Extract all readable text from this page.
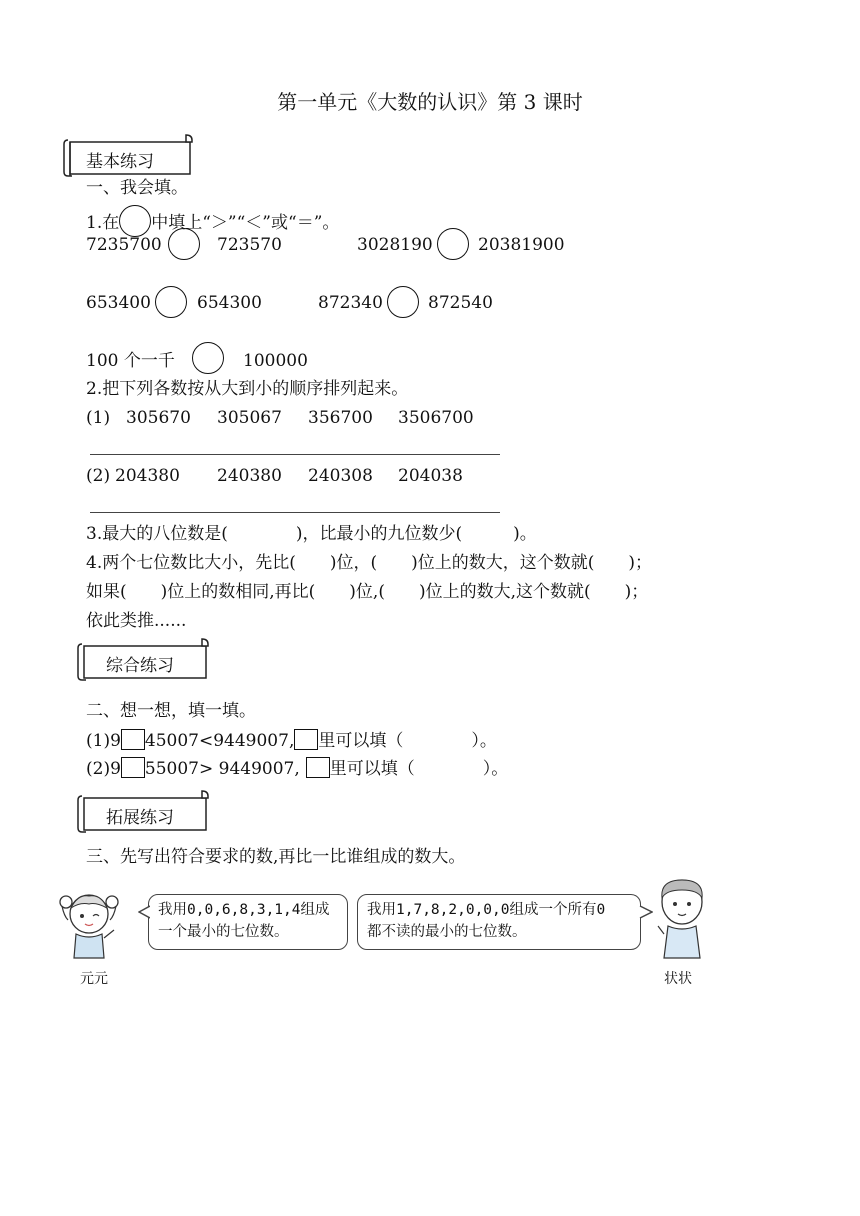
第一单元《大数的认识》第 3 课时
基本练习
一、我会填。
1.在 中填上“＞”“＜”或“＝”。
7235700	723570	3028190	20381900
653400	654300	872340	872540
100 个一千	100000
2.把下列各数按从大到小的顺序排列起来。
(1) 305670 305067 356700 3506700
(2) 204380 240380 240308 204038
3.最大的八位数是(　　　　)，比最小的九位数少(　　　)。
4.两个七位数比大小，先比(　　)位，(　　)位上的数大，这个数就(　　)；
如果(　　)位上的数相同,再比(　　)位,(　　)位上的数大,这个数就(　　)；
依此类推......
综合练习
二、想一想，填一填。
(1)9 45007<9449007, 里可以填（　　　　）。
(2)9 55007> 9449007, 里可以填（　　　　）。
拓展练习
三、先写出符合要求的数,再比一比谁组成的数大。
元元
我用0,0,6,8,3,1,4组成
一个最小的七位数。
我用1,7,8,2,0,0,0组成一个所有0
都不读的最小的七位数。
状状
